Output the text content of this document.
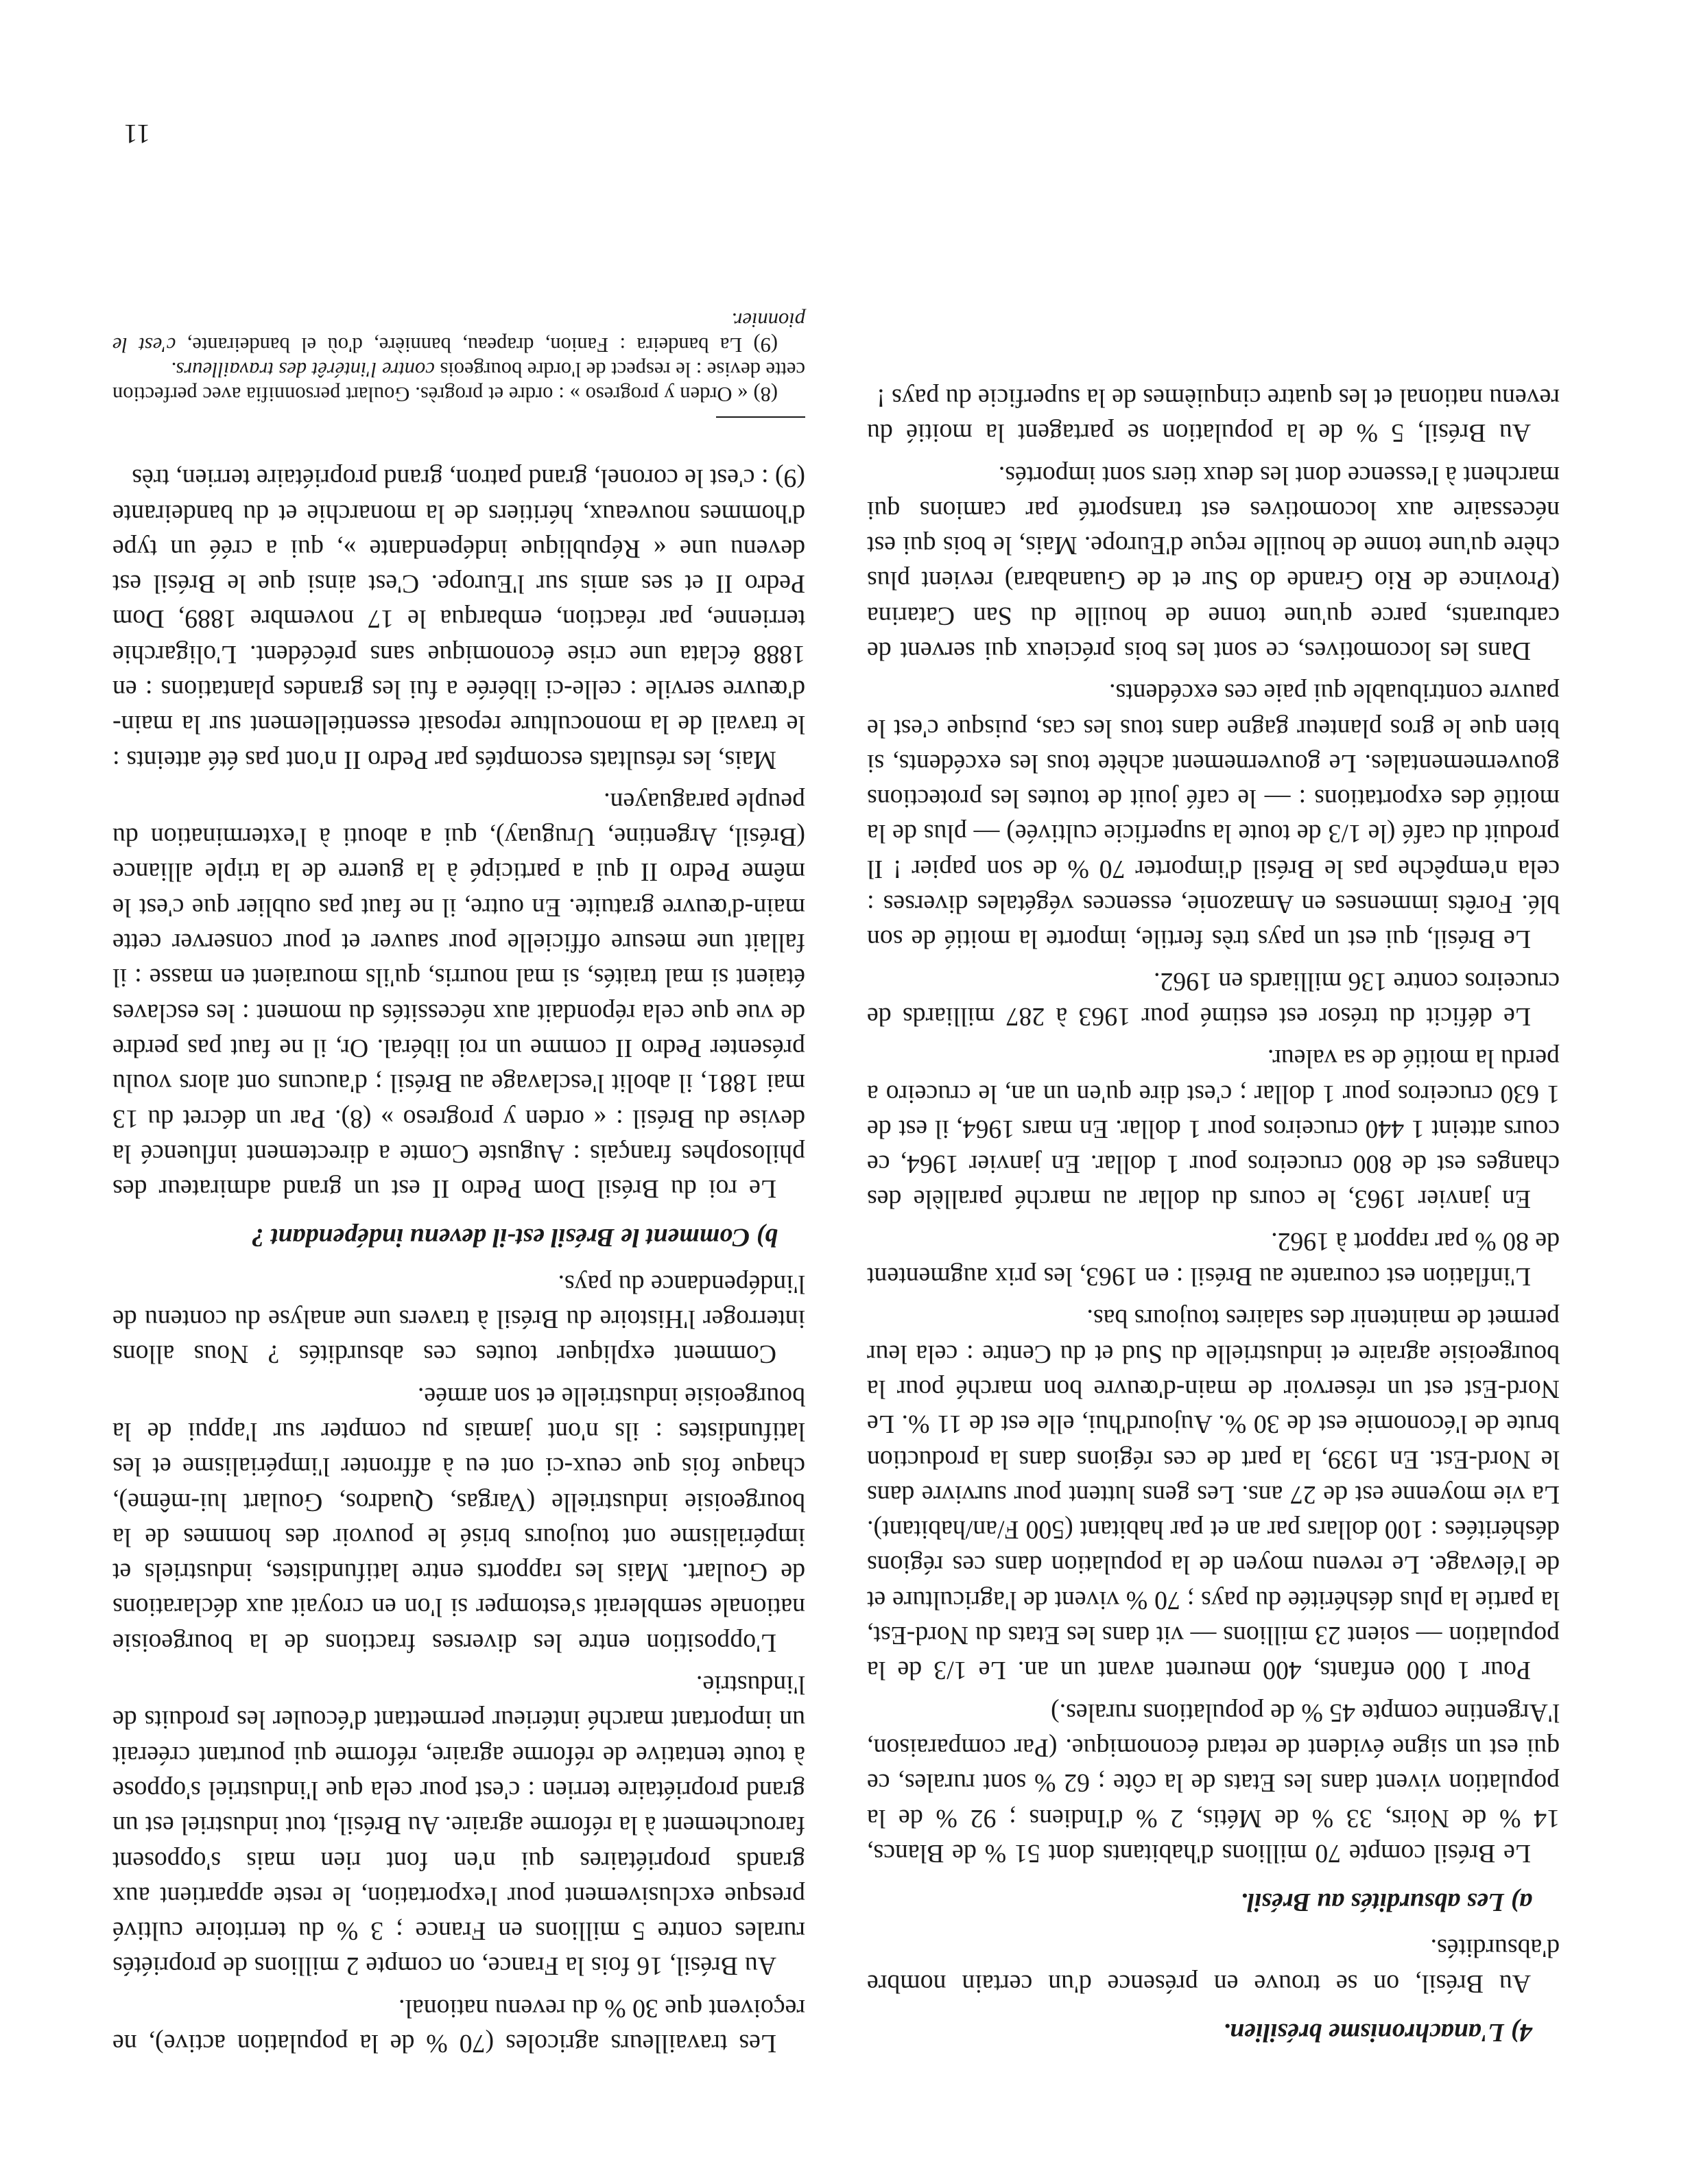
4) L'anachronisme brésilien.

Au Brésil, on se trouve en présence d'un certain nombre d'absurdités.

a) Les absurdités au Brésil.

Le Brésil compte 70 millions d'habitants dont 51 % de Blancs, 14 % de Noirs, 33 % de Métis, 2 % d'Indiens ; 92 % de la population vivent dans les Etats de la côte ; 62 % sont rurales, ce qui est un signe évident de retard économique. (Par comparaison, l'Argentine compte 45 % de populations rurales.)

Pour 1 000 enfants, 400 meurent avant un an. Le 1/3 de la population — soient 23 millions — vit dans les Etats du Nord-Est, la partie la plus déshéritée du pays ; 70 % vivent de l'agriculture et de l'élevage. Le revenu moyen de la population dans ces régions déshéritées : 100 dollars par an et par habitant (500 F/an/habitant). La vie moyenne est de 27 ans. Les gens luttent pour survivre dans le Nord-Est. En 1939, la part de ces régions dans la production brute de l'économie est de 30 %. Aujourd'hui, elle est de 11 %. Le Nord-Est est un réservoir de main-d'œuvre bon marché pour la bourgeoisie agraire et industrielle du Sud et du Centre : cela leur permet de maintenir des salaires toujours bas.

L'inflation est courante au Brésil : en 1963, les prix augmentent de 80 % par rapport à 1962.

En janvier 1963, le cours du dollar au marché parallèle des changes est de 800 cruceiros pour 1 dollar. En janvier 1964, ce cours atteint 1 440 cruceiros pour 1 dollar. En mars 1964, il est de 1 630 cruceiros pour 1 dollar ; c'est dire qu'en un an, le cruceiro a perdu la moitié de sa valeur.

Le déficit du trésor est estimé pour 1963 à 287 milliards de cruceiros contre 136 milliards en 1962.

Le Brésil, qui est un pays très fertile, importe la moitié de son blé. Forêts immenses en Amazonie, essences végétales diverses : cela n'empêche pas le Brésil d'importer 70 % de son papier ! Il produit du café (le 1/3 de toute la superficie cultivée) — plus de la moitié des exportations : — le café jouit de toutes les protections gouvernementales. Le gouvernement achète tous les excédents, si bien que le gros planteur gagne dans tous les cas, puisque c'est le pauvre contribuable qui paie ces excédents.

Dans les locomotives, ce sont les bois précieux qui servent de carburants, parce qu'une tonne de houille du San Catarina (Province de Rio Grande do Sur et de Guanabara) revient plus chère qu'une tonne de houille reçue d'Europe. Mais, le bois qui est nécessaire aux locomotives est transporté par camions qui marchent à l'essence dont les deux tiers sont importés.

Au Brésil, 5 % de la population se partagent la moitié du revenu national et les quatre cinquièmes de la superficie du pays !

Les travailleurs agricoles (70 % de la population active), ne reçoivent que 30 % du revenu national.

Au Brésil, 16 fois la France, on compte 2 millions de propriétés rurales contre 5 millions en France ; 3 % du territoire cultivé presque exclusivement pour l'exportation, le reste appartient aux grands propriétaires qui n'en font rien mais s'opposent farouchement à la réforme agraire. Au Brésil, tout industriel est un grand propriétaire terrien : c'est pour cela que l'industriel s'oppose à toute tentative de réforme agraire, réforme qui pourtant créerait un important marché intérieur permettant d'écouler les produits de l'industrie.

L'opposition entre les diverses fractions de la bourgeoisie nationale semblerait s'estomper si l'on en croyait aux déclarations de Goulart. Mais les rapports entre latifundistes, industriels et impérialisme ont toujours brisé le pouvoir des hommes de la bourgeoisie industrielle (Vargas, Quadros, Goulart lui-même), chaque fois que ceux-ci ont eu à affronter l'impérialisme et les latifundistes : ils n'ont jamais pu compter sur l'appui de la bourgeoisie industrielle et son armée.

Comment expliquer toutes ces absurdités ? Nous allons interroger l'Histoire du Brésil à travers une analyse du contenu de l'indépendance du pays.

b) Comment le Brésil est-il devenu indépendant ?

Le roi du Brésil Dom Pedro II est un grand admirateur des philosophes français : Auguste Comte a directement influencé la devise du Brésil : « orden y progreso » (8). Par un décret du 13 mai 1881, il abolit l'esclavage au Brésil ; d'aucuns ont alors voulu présenter Pedro II comme un roi libéral. Or, il ne faut pas perdre de vue que cela répondait aux nécessités du moment : les esclaves étaient si mal traités, si mal nourris, qu'ils mouraient en masse : il fallait une mesure officielle pour sauver et pour conserver cette main-d'œuvre gratuite. En outre, il ne faut pas oublier que c'est le même Pedro II qui a participé à la guerre de la triple alliance (Brésil, Argentine, Uruguay), qui a abouti à l'extermination du peuple paraguayen.

Mais, les résultats escomptés par Pedro II n'ont pas été atteints : le travail de la monoculture reposait essentiellement sur la main-d'œuvre servile : celle-ci libérée a fui les grandes plantations : en 1888 éclata une crise économique sans précédent. L'oligarchie terrienne, par réaction, embarqua le 17 novembre 1889, Dom Pedro II et ses amis sur l'Europe. C'est ainsi que le Brésil est devenu une « République indépendante », qui a créé un type d'hommes nouveaux, héritiers de la monarchie et du bandeirante (9) : c'est le coronel, grand patron, grand propriétaire terrien, très

(8) « Orden y progreso » : ordre et progrès. Goulart personnifia avec perfection cette devise : le respect de l'ordre bourgeois contre l'intérêt des travailleurs.

(9) La bandeira : Fanion, drapeau, bannière, d'où el bandeirante, c'est le pionnier.

11
